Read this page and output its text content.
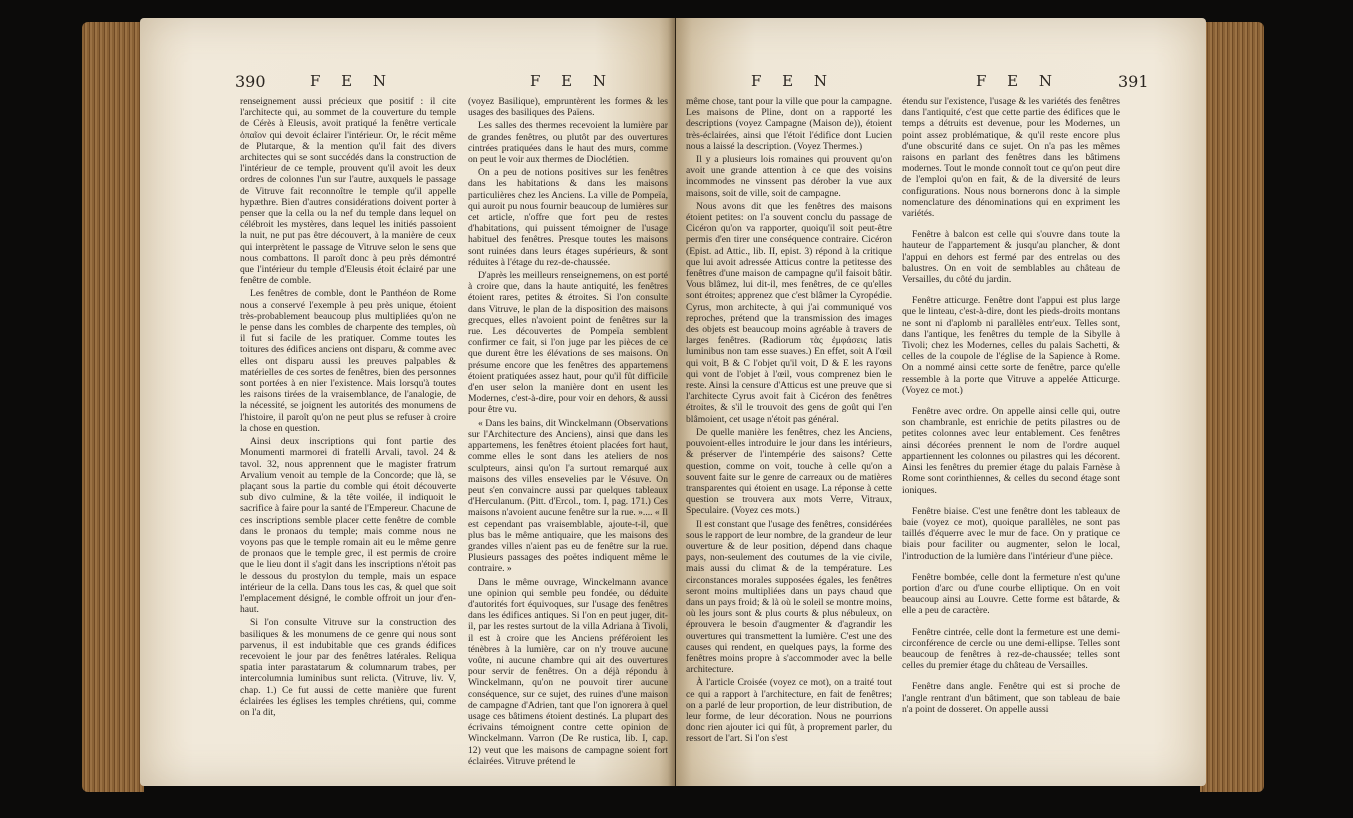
390	F E N	F E N

renseignement aussi précieux que positif : il cite l'architecte qui, au sommet de la couverture du temple de Cérès à Eleusis, avoit pratiqué la fenêtre verticale ὀπαῖον qui devoit éclairer l'intérieur. Or, le récit même de Plutarque, & la mention qu'il fait des divers architectes qui se sont succédés dans la construction de l'intérieur de ce temple, prouvent qu'il avoit les deux ordres de colonnes l'un sur l'autre, auxquels le passage de Vitruve fait reconnoître le temple qu'il appelle hypæthre. Bien d'autres considérations doivent porter à penser que la cella ou la nef du temple dans lequel on célébroit les mystères, dans lequel les initiés passoient la nuit, ne put pas être découvert, à la manière de ceux qui interprètent le passage de Vitruve selon le sens que nous combattons. Il paroît donc à peu près démontré que l'intérieur du temple d'Eleusis étoit éclairé par une fenêtre de comble.

Les fenêtres de comble, dont le Panthéon de Rome nous a conservé l'exemple à peu près unique, étoient très-probablement beaucoup plus multipliées qu'on ne le pense dans les combles de charpente des temples, où il fut si facile de les pratiquer. Comme toutes les toitures des édifices anciens ont disparu, & comme avec elles ont disparu aussi les preuves palpables & matérielles de ces sortes de fenêtres, bien des personnes sont portées à en nier l'existence. Mais lorsqu'à toutes les raisons tirées de la vraisemblance, de l'analogie, de la nécessité, se joignent les autorités des monumens de l'histoire, il paroît qu'on ne peut plus se refuser à croire la chose en question.

Ainsi deux inscriptions qui font partie des Monumenti marmorei di fratelli Arvali, tavol. 24 & tavol. 32, nous apprennent que le magister fratrum Arvalium venoit au temple de la Concorde; que là, se plaçant sous la partie du comble qui étoit découverte sub divo culmine, & la tête voilée, il indiquoit le sacrifice à faire pour la santé de l'Empereur. Chacune de ces inscriptions semble placer cette fenêtre de comble dans le pronaos du temple; mais comme nous ne voyons pas que le temple romain ait eu le même genre de pronaos que le temple grec, il est permis de croire que le lieu dont il s'agit dans les inscriptions n'étoit pas le dessous du prostylon du temple, mais un espace intérieur de la cella. Dans tous les cas, & quel que soit l'emplacement désigné, le comble offroit un jour d'en-haut.

Si l'on consulte Vitruve sur la construction des basiliques & les monumens de ce genre qui nous sont parvenus, il est indubitable que ces grands édifices recevoient le jour par des fenêtres latérales. Reliqua spatia inter parastatarum & columnarum trabes, per intercolumnia luminibus sunt relicta. (Vitruve, liv. V, chap. 1.) Ce fut aussi de cette manière que furent éclairées les églises les temples chrétiens, qui, comme on l'a dit,

(voyez Basilique), empruntèrent les formes & les usages des basiliques des Païens.

Les salles des thermes recevoient la lumière par de grandes fenêtres, ou plutôt par des ouvertures cintrées pratiquées dans le haut des murs, comme on peut le voir aux thermes de Dioclétien.

On a peu de notions positives sur les fenêtres dans les habitations & dans les maisons particulières chez les Anciens. La ville de Pompeïa, qui auroit pu nous fournir beaucoup de lumières sur cet article, n'offre que fort peu de restes d'habitations, qui puissent témoigner de l'usage habituel des fenêtres. Presque toutes les maisons sont ruinées dans leurs étages supérieurs, & sont réduites à l'étage du rez-de-chaussée.

D'après les meilleurs renseignemens, on est porté à croire que, dans la haute antiquité, les fenêtres étoient rares, petites & étroites. Si l'on consulte dans Vitruve, le plan de la disposition des maisons grecques, elles n'avoient point de fenêtres sur la rue. Les découvertes de Pompeïa semblent confirmer ce fait, si l'on juge par les pièces de ce que durent être les élévations de ses maisons. On présume encore que les fenêtres des appartemens étoient pratiquées assez haut, pour qu'il fût difficile d'en user selon la manière dont en usent les Modernes, c'est-à-dire, pour voir en dehors, & aussi pour être vu.

« Dans les bains, dit Winckelmann (Observations sur l'Architecture des Anciens), ainsi que dans les appartemens, les fenêtres étoient placées fort haut, comme elles le sont dans les ateliers de nos sculpteurs, ainsi qu'on l'a surtout remarqué aux maisons des villes ensevelies par le Vésuve. On peut s'en convaincre aussi par quelques tableaux d'Herculanum. (Pitt. d'Ercol., tom. I, pag. 171.) Ces maisons n'avoient aucune fenêtre sur la rue. ».... « Il est cependant pas vraisemblable, ajoute-t-il, que plus bas le même antiquaire, que les maisons des grandes villes n'aient pas eu de fenêtre sur la rue. Plusieurs passages des poëtes indiquent même le contraire. »

Dans le même ouvrage, Winckelmann avance une opinion qui semble peu fondée, ou déduite d'autorités fort équivoques, sur l'usage des fenêtres dans les édifices antiques. Si l'on en peut juger, dit-il, par les restes surtout de la villa Adriana à Tivoli, il est à croire que les Anciens préféroient les ténèbres à la lumière, car on n'y trouve aucune voûte, ni aucune chambre qui ait des ouvertures pour servir de fenêtres. On a déjà répondu à Winckelmann, qu'on ne pouvoit tirer aucune conséquence, sur ce sujet, des ruines d'une maison de campagne d'Adrien, tant que l'on ignorera à quel usage ces bâtimens étoient destinés. La plupart des écrivains témoignent contre cette opinion de Winckelmann. Varron (De Re rustica, lib. I, cap. 12) veut que les maisons de campagne soient fort éclairées. Vitruve prétend le

F E N	F E N	391

même chose, tant pour la ville que pour la campagne. Les maisons de Pline, dont on a rapporté les descriptions (voyez Campagne (Maison de)), étoient très-éclairées, ainsi que l'étoit l'édifice dont Lucien nous a laissé la description. (Voyez Thermes.)

Il y a plusieurs lois romaines qui prouvent qu'on avoit une grande attention à ce que des voisins incommodes ne vinssent pas dérober la vue aux maisons, soit de ville, soit de campagne.

Nous avons dit que les fenêtres des maisons étoient petites: on l'a souvent conclu du passage de Cicéron qu'on va rapporter, quoiqu'il soit peut-être permis d'en tirer une conséquence contraire. Cicéron (Epist. ad Attic., lib. II, epist. 3) répond à la critique que lui avoit adressée Atticus contre la petitesse des fenêtres d'une maison de campagne qu'il faisoit bâtir. Vous blâmez, lui dit-il, mes fenêtres, de ce qu'elles sont étroites; apprenez que c'est blâmer la Cyropédie. Cyrus, mon architecte, à qui j'ai communiqué vos reproches, prétend que la transmission des images des objets est beaucoup moins agréable à travers de larges fenêtres. (Radiorum τὰς ἐμφάσεις latis luminibus non tam esse suaves.) En effet, soit A l'œil qui voit, B & C l'objet qu'il voit, D & E les rayons qui vont de l'objet à l'œil, vous comprenez bien le reste. Ainsi la censure d'Atticus est une preuve que si l'architecte Cyrus avoit fait à Cicéron des fenêtres étroites, & s'il le trouvoit des gens de goût qui l'en blâmoient, cet usage n'étoit pas général.

De quelle manière les fenêtres, chez les Anciens, pouvoient-elles introduire le jour dans les intérieurs, & préserver de l'intempérie des saisons? Cette question, comme on voit, touche à celle qu'on a souvent faite sur le genre de carreaux ou de matières transparentes qui étoient en usage. La réponse à cette question se trouvera aux mots Verre, Vitraux, Speculaire. (Voyez ces mots.)

Il est constant que l'usage des fenêtres, considérées sous le rapport de leur nombre, de la grandeur de leur ouverture & de leur position, dépend dans chaque pays, non-seulement des coutumes de la vie civile, mais aussi du climat & de la température. Les circonstances morales supposées égales, les fenêtres seront moins multipliées dans un pays chaud que dans un pays froid; & là où le soleil se montre moins, où les jours sont & plus courts & plus nébuleux, on éprouvera le besoin d'augmenter & d'agrandir les ouvertures qui transmettent la lumière. C'est une des causes qui rendent, en quelques pays, la forme des fenêtres moins propre à s'accommoder avec la belle architecture.

À l'article Croisée (voyez ce mot), on a traité tout ce qui a rapport à l'architecture, en fait de fenêtres; on a parlé de leur proportion, de leur distribution, de leur forme, de leur décoration. Nous ne pourrions donc rien ajouter ici qui fût, à proprement parler, du ressort de l'art. Si l'on s'est

étendu sur l'existence, l'usage & les variétés des fenêtres dans l'antiquité, c'est que cette partie des édifices que le temps a détruits est devenue, pour les Modernes, un point assez problématique, & qu'il reste encore plus d'une obscurité dans ce sujet. On n'a pas les mêmes raisons en parlant des fenêtres dans les bâtimens modernes. Tout le monde connoît tout ce qu'on peut dire de l'emploi qu'on en fait, & de la diversité de leurs configurations. Nous nous bornerons donc à la simple nomenclature des dénominations qui en expriment les variétés.

Fenêtre à balcon est celle qui s'ouvre dans toute la hauteur de l'appartement & jusqu'au plancher, & dont l'appui en dehors est fermé par des entrelas ou des balustres. On en voit de semblables au château de Versailles, du côté du jardin.

Fenêtre atticurge. Fenêtre dont l'appui est plus large que le linteau, c'est-à-dire, dont les pieds-droits montans ne sont ni d'aplomb ni parallèles entr'eux. Telles sont, dans l'antique, les fenêtres du temple de la Sibylle à Tivoli; chez les Modernes, celles du palais Sachetti, & celles de la coupole de l'église de la Sapience à Rome. On a nommé ainsi cette sorte de fenêtre, parce qu'elle ressemble à la porte que Vitruve a appelée Atticurge. (Voyez ce mot.)

Fenêtre avec ordre. On appelle ainsi celle qui, outre son chambranle, est enrichie de petits pilastres ou de petites colonnes avec leur entablement. Ces fenêtres ainsi décorées prennent le nom de l'ordre auquel appartiennent les colonnes ou pilastres qui les décorent. Ainsi les fenêtres du premier étage du palais Farnèse à Rome sont corinthiennes, & celles du second étage sont ioniques.

Fenêtre biaise. C'est une fenêtre dont les tableaux de baie (voyez ce mot), quoique parallèles, ne sont pas taillés d'équerre avec le mur de face. On y pratique ce biais pour faciliter ou augmenter, selon le local, l'introduction de la lumière dans l'intérieur d'une pièce.

Fenêtre bombée, celle dont la fermeture n'est qu'une portion d'arc ou d'une courbe elliptique. On en voit beaucoup ainsi au Louvre. Cette forme est bâtarde, & elle a peu de caractère.

Fenêtre cintrée, celle dont la fermeture est une demi-circonférence de cercle ou une demi-ellipse. Telles sont beaucoup de fenêtres à rez-de-chaussée; telles sont celles du premier étage du château de Versailles.

Fenêtre dans angle. Fenêtre qui est si proche de l'angle rentrant d'un bâtiment, que son tableau de baie n'a point de dosseret. On appelle aussi
